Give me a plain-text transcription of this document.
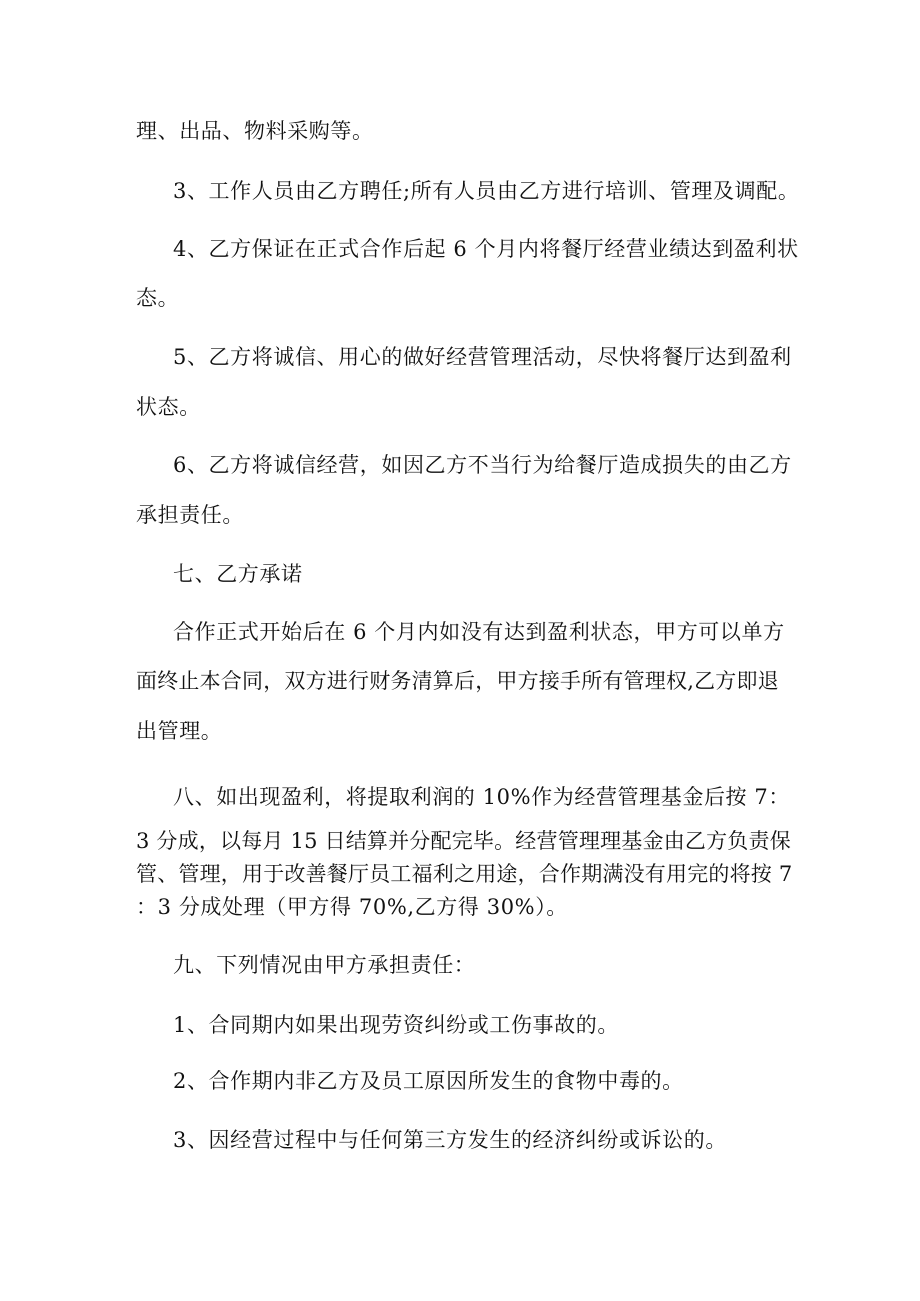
理、出品、物料采购等。
3、工作人员由乙方聘任;所有人员由乙方进行培训、管理及调配。
4、乙方保证在正式合作后起 6 个月内将餐厅经营业绩达到盈利状
态。
5、乙方将诚信、用心的做好经营管理活动，尽快将餐厅达到盈利
状态。
6、乙方将诚信经营，如因乙方不当行为给餐厅造成损失的由乙方
承担责任。
七、乙方承诺
合作正式开始后在 6 个月内如没有达到盈利状态，甲方可以单方
面终止本合同，双方进行财务清算后，甲方接手所有管理权,乙方即退
出管理。
八、如出现盈利，将提取利润的 10%作为经营管理基金后按 7：
3 分成，以每月 15 日结算并分配完毕。经营管理理基金由乙方负责保
管、管理，用于改善餐厅员工福利之用途，合作期满没有用完的将按 7
：3 分成处理（甲方得 70%,乙方得 30%）。
九、下列情况由甲方承担责任：
1、合同期内如果出现劳资纠纷或工伤事故的。
2、合作期内非乙方及员工原因所发生的食物中毒的。
3、因经营过程中与任何第三方发生的经济纠纷或诉讼的。
